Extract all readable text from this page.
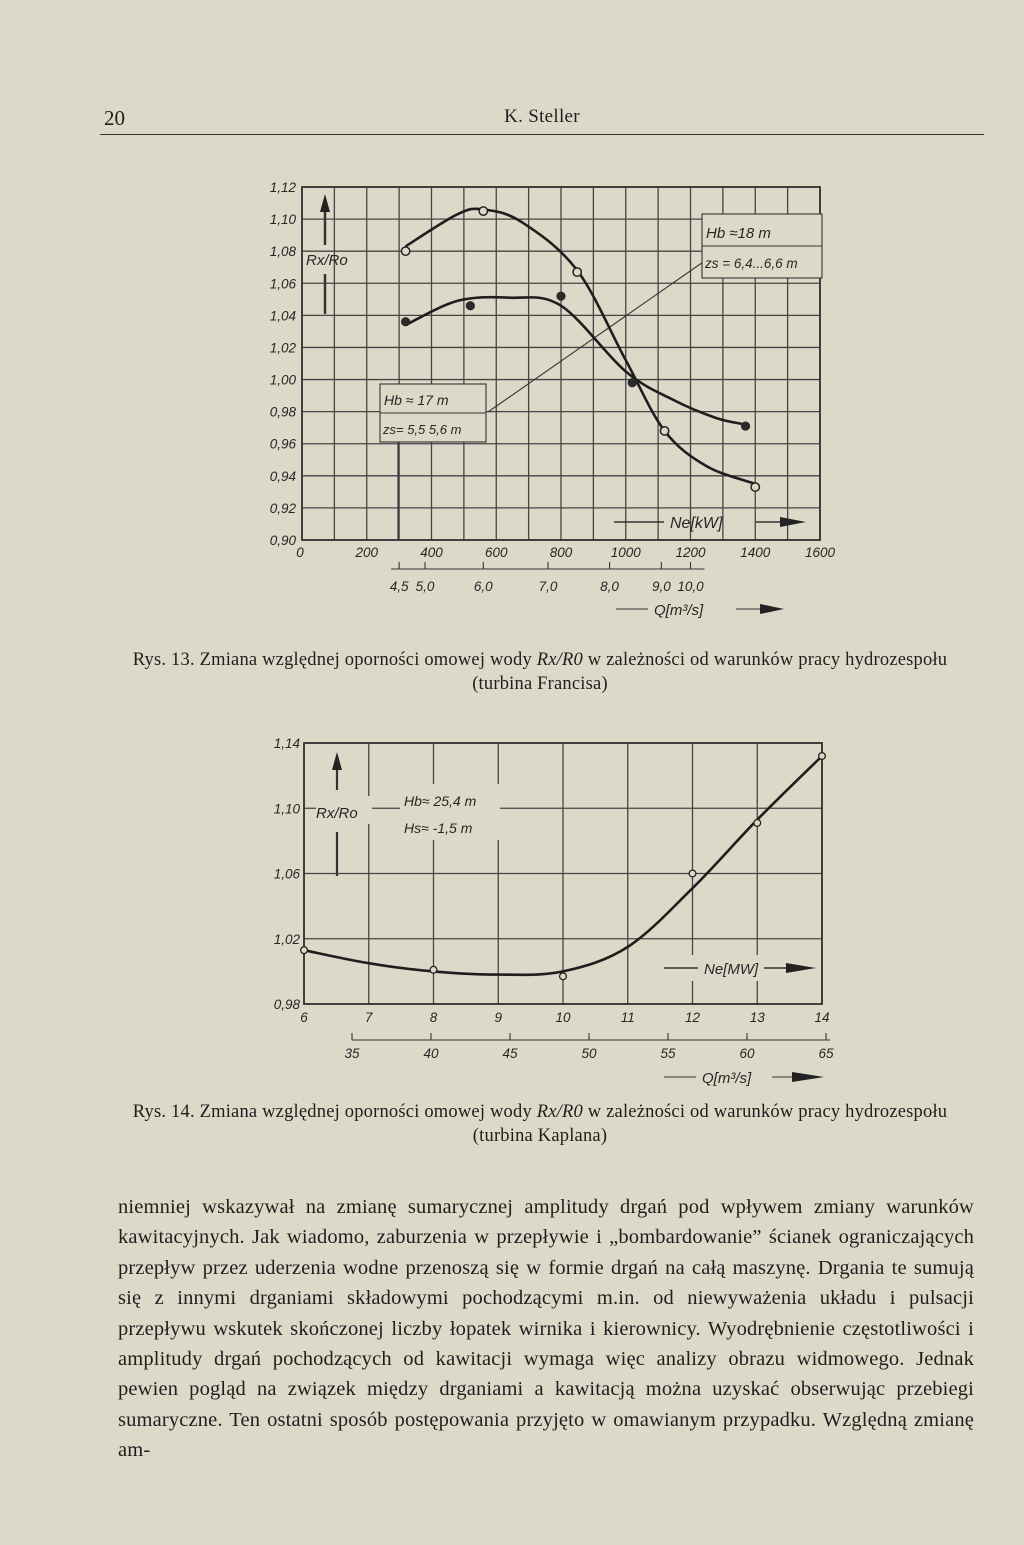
20	K. Steller
1,12
1,10
1,08
1,06
1,04
1,02
1,00
0,98
0,96
0,94
0,92
0,90
0	200	400	600	800	1000	1200	1400	1600
4,5 5,0	6,0	7,0	8,0 9,0 10,0
Q[m³/s]
Hb ≈18 m
zs = 6,4...6,6 m
Hb ≈ 17 m
zs= 5,5 5,6 m
Rx/Ro
Ne[kW]
Rys. 13. Zmiana względnej oporności omowej wody Rx/R0 w zależności od warunków pracy hydrozespołu (turbina Francisa)
1,14
1,10
1,06
1,02
0,98
6	7	8	9	10	11	12	13	14
35	40	45	50	55	60	65
Q[m³/s]
Hb≈ 25,4 m
Hs≈ -1,5 m
Rx/Ro
Ne[MW]
Rys. 14. Zmiana względnej oporności omowej wody Rx/R0 w zależności od warunków pracy hydrozespołu (turbina Kaplana)
niemniej wskazywał na zmianę sumarycznej amplitudy drgań pod wpływem zmiany warunków kawitacyjnych. Jak wiadomo, zaburzenia w przepływie i „bombardowanie” ścianek ograniczających przepływ przez uderzenia wodne przenoszą się w formie drgań na całą maszynę. Drgania te sumują się z innymi drganiami składowymi pochodzącymi m.in. od niewyważenia układu i pulsacji przepływu wskutek skończonej liczby łopatek wirnika i kierownicy. Wyodrębnienie częstotliwości i amplitudy drgań pochodzących od kawitacji wymaga więc analizy obrazu widmowego. Jednak pewien pogląd na związek między drganiami a kawitacją można uzyskać obserwując przebiegi sumaryczne. Ten ostatni sposób postępowania przyjęto w omawianym przypadku. Względną zmianę am-
